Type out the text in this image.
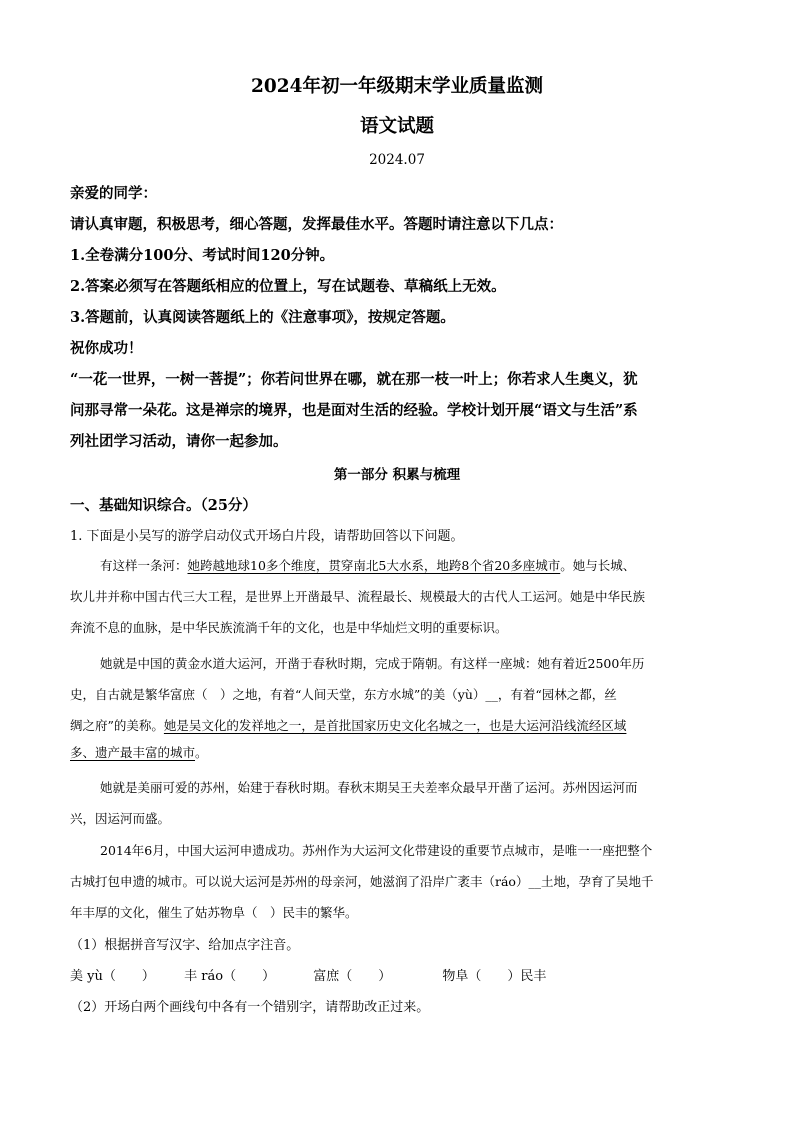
2024年初一年级期末学业质量监测
语文试题
2024.07
亲爱的同学：
请认真审题，积极思考，细心答题，发挥最佳水平。答题时请注意以下几点：
1.全卷满分100分、考试时间120分钟。
2.答案必须写在答题纸相应的位置上，写在试题卷、草稿纸上无效。
3.答题前，认真阅读答题纸上的《注意事项》，按规定答题。
祝你成功！
“一花一世界，一树一菩提”；你若问世界在哪，就在那一枝一叶上；你若求人生奥义，犹
问那寻常一朵花。这是禅宗的境界，也是面对生活的经验。学校计划开展“语文与生活”系
列社团学习活动，请你一起参加。
第一部分 积累与梳理
一、基础知识综合。（25分）
1. 下面是小吴写的游学启动仪式开场白片段，请帮助回答以下问题。
有这样一条河：她跨越地球10多个维度，贯穿南北5大水系，地跨8个省20多座城市。她与长城、
坎儿井并称中国古代三大工程，是世界上开凿最早、流程最长、规模最大的古代人工运河。她是中华民族
奔流不息的血脉，是中华民族流淌千年的文化，也是中华灿烂文明的重要标识。
她就是中国的黄金水道大运河，开凿于春秋时期，完成于隋朝。有这样一座城：她有着近2500年历
史，自古就是繁华富庶（　）之地，有着“人间天堂，东方水城”的美（yù）__，有着“园林之都，丝
绸之府”的美称。她是吴文化的发祥地之一，是首批国家历史文化名城之一，也是大运河沿线流经区域
多、遗产最丰富的城市。
她就是美丽可爱的苏州，始建于春秋时期。春秋末期吴王夫差率众最早开凿了运河。苏州因运河而
兴，因运河而盛。
2014年6月，中国大运河申遗成功。苏州作为大运河文化带建设的重要节点城市，是唯一一座把整个
古城打包申遗的城市。可以说大运河是苏州的母亲河，她滋润了沿岸广袤丰（ráo）__土地，孕育了吴地千
年丰厚的文化，催生了姑苏物阜（　）民丰的繁华。
（1）根据拼音写汉字、给加点字注音。
美 yù（　　） 丰 ráo（　　）	富庶（　　）	物阜（　　）民丰
（2）开场白两个画线句中各有一个错别字，请帮助改正过来。
